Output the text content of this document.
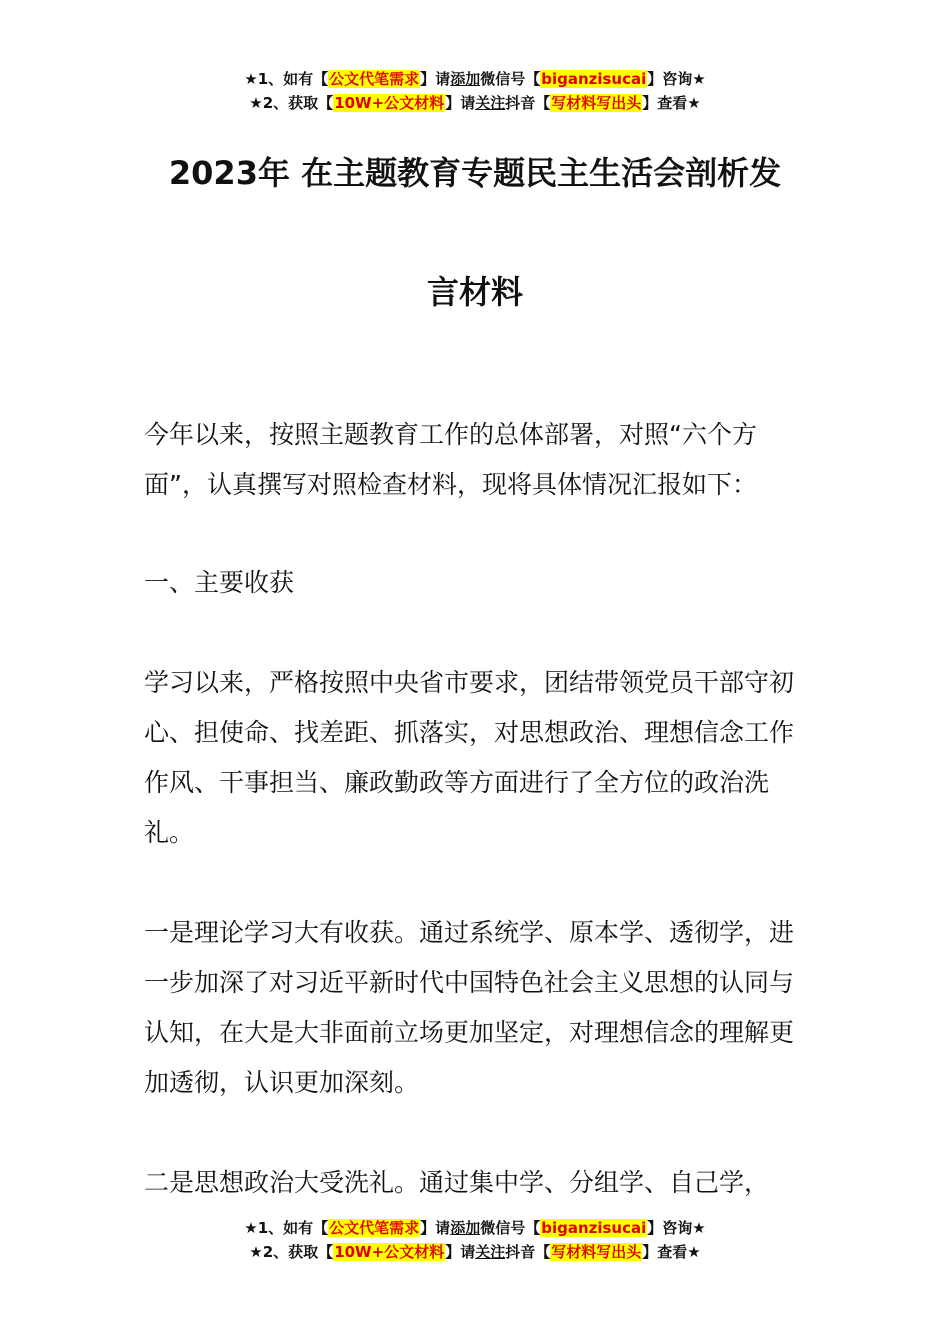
★1、如有【公文代笔需求】请添加微信号【biganzisucai】咨询★
★2、获取【10W+公文材料】请关注抖音【写材料写出头】查看★
2023年 在主题教育专题民主生活会剖析发
言材料

今年以来，按照主题教育工作的总体部署，对照“六个方面”，认真撰写对照检查材料，现将具体情况汇报如下：

一、主要收获

学习以来，严格按照中央省市要求，团结带领党员干部守初心、担使命、找差距、抓落实，对思想政治、理想信念工作作风、干事担当、廉政勤政等方面进行了全方位的政治洗礼。

一是理论学习大有收获。通过系统学、原本学、透彻学，进一步加深了对习近平新时代中国特色社会主义思想的认同与认知，在大是大非面前立场更加坚定，对理想信念的理解更加透彻，认识更加深刻。

二是思想政治大受洗礼。通过集中学、分组学、自己学，

★1、如有【公文代笔需求】请添加微信号【biganzisucai】咨询★
★2、获取【10W+公文材料】请关注抖音【写材料写出头】查看★
